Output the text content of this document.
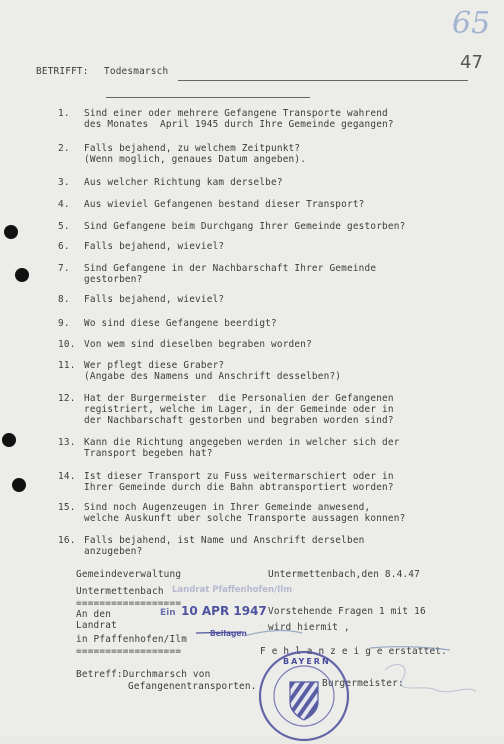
65
47
BETRIFFT: Todesmarsch
1. Sind einer oder mehrere Gefangene Transporte wahrend
des Monates  April 1945 durch Ihre Gemeinde gegangen?
2. Falls bejahend, zu welchem Zeitpunkt?
(Wenn moglich, genaues Datum angeben).
3. Aus welcher Richtung kam derselbe?
4. Aus wieviel Gefangenen bestand dieser Transport?
5. Sind Gefangene beim Durchgang Ihrer Gemeinde gestorben?
6. Falls bejahend, wieviel?
7. Sind Gefangene in der Nachbarschaft Ihrer Gemeinde
gestorben?
8. Falls bejahend, wieviel?
9. Wo sind diese Gefangene beerdigt?
10. Von wem sind dieselben begraben worden?
11. Wer pflegt diese Graber?
(Angabe des Namens und Anschrift desselben?)
12. Hat der Burgermeister  die Personalien der Gefangenen
registriert, welche im Lager, in der Gemeinde oder in
der Nachbarschaft gestorben und begraben worden sind?
13. Kann die Richtung angegeben werden in welcher sich der
Transport begeben hat?
14. Ist dieser Transport zu Fuss weitermarschiert oder in
Ihrer Gemeinde durch die Bahn abtransportiert worden?
15. Sind noch Augenzeugen in Ihrer Gemeinde anwesend,
welche Auskunft uber solche Transporte aussagen konnen?
16. Falls bejahend, ist Name und Anschrift derselben
anzugeben?
Gemeindeverwaltung
Untermettenbach Landrat Pfaffenhofen/Ilm
Untermettenbach,den 8.4.47
==================
An den
Landrat
in Pfaffenhofen/Ilm
==================
Ein 10 APR 1947
Beilagen
Vorstehende Fragen 1 mit 16
wird hiermit ,
F e h l a n z e i g e erstattet.
Betreff:Durchmarsch von
Gefangenentransporten.	Burgermeister:
BAYERN
